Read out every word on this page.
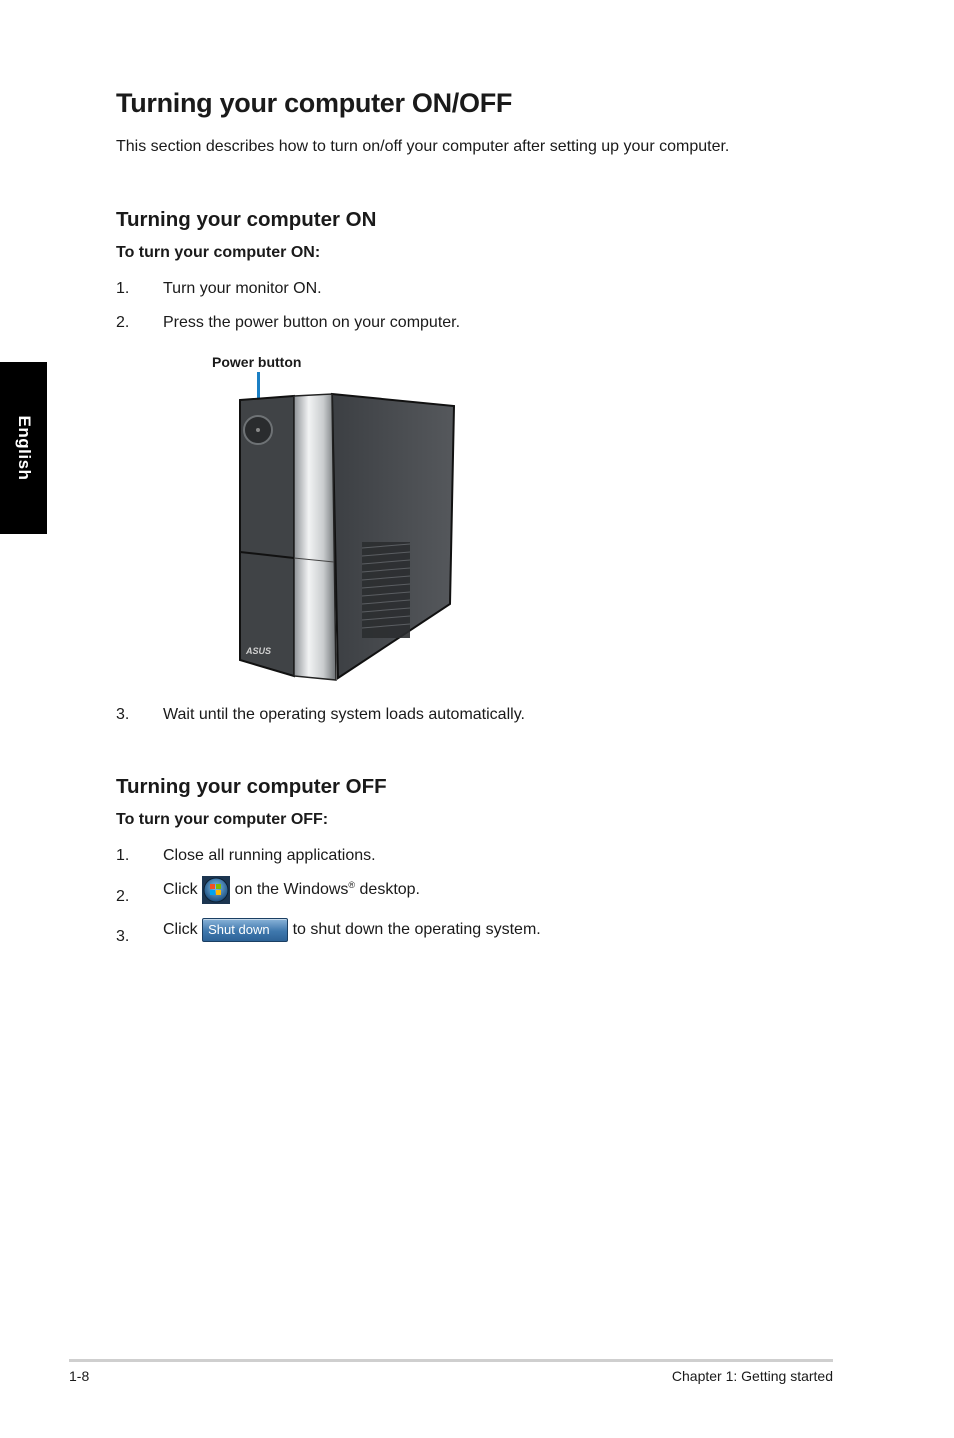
English
Turning your computer ON/OFF
This section describes how to turn on/off your computer after setting up your computer.
Turning your computer ON
To turn your computer ON:
1. Turn your monitor ON.
2. Press the power button on your computer.
Power button
ASUS
3. Wait until the operating system loads automatically.
Turning your computer OFF
To turn your computer OFF:
1. Close all running applications.
2. Click on the Windows® desktop.
3. Click Shut down to shut down the operating system.
1-8	Chapter 1: Getting started
